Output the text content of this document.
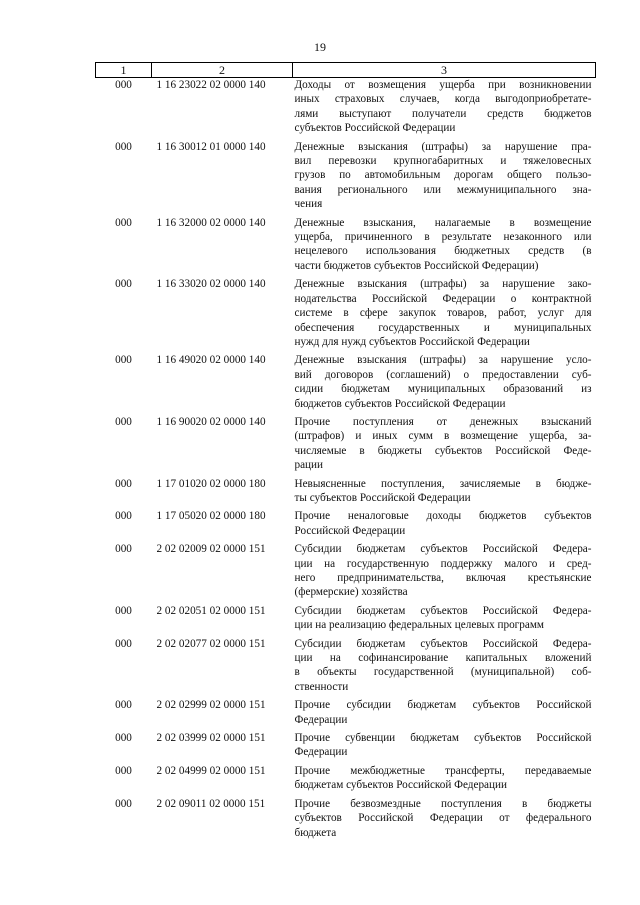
19
1	2	3
000	1 16 23022 02 0000 140	Доходы от возмещения ущерба при возникновении
иных страховых случаев, когда выгодоприобретате-
лями выступают получатели средств бюджетов
субъектов Российской Федерации

000	1 16 30012 01 0000 140	Денежные взыскания (штрафы) за нарушение пра-
вил перевозки крупногабаритных и тяжеловесных
грузов по автомобильным дорогам общего пользо-
вания регионального или межмуниципального зна-
чения

000	1 16 32000 02 0000 140	Денежные взыскания, налагаемые в возмещение
ущерба, причиненного в результате незаконного или
нецелевого использования бюджетных средств (в
части бюджетов субъектов Российской Федерации)

000	1 16 33020 02 0000 140	Денежные взыскания (штрафы) за нарушение зако-
нодательства Российской Федерации о контрактной
системе в сфере закупок товаров, работ, услуг для
обеспечения государственных и муниципальных
нужд для нужд субъектов Российской Федерации

000	1 16 49020 02 0000 140	Денежные взыскания (штрафы) за нарушение усло-
вий договоров (соглашений) о предоставлении суб-
сидии бюджетам муниципальных образований из
бюджетов субъектов Российской Федерации

000	1 16 90020 02 0000 140	Прочие поступления от денежных взысканий
(штрафов) и иных сумм в возмещение ущерба, за-
числяемые в бюджеты субъектов Российской Феде-
рации

000	1 17 01020 02 0000 180	Невыясненные поступления, зачисляемые в бюдже-
ты субъектов Российской Федерации

000	1 17 05020 02 0000 180	Прочие неналоговые доходы бюджетов субъектов
Российской Федерации

000	2 02 02009 02 0000 151	Субсидии бюджетам субъектов Российской Федера-
ции на государственную поддержку малого и сред-
него предпринимательства, включая крестьянские
(фермерские) хозяйства

000	2 02 02051 02 0000 151	Субсидии бюджетам субъектов Российской Федера-
ции на реализацию федеральных целевых программ

000	2 02 02077 02 0000 151	Субсидии бюджетам субъектов Российской Федера-
ции на софинансирование капитальных вложений
в объекты государственной (муниципальной) соб-
ственности

000	2 02 02999 02 0000 151	Прочие субсидии бюджетам субъектов Российской
Федерации

000	2 02 03999 02 0000 151	Прочие субвенции бюджетам субъектов Российской
Федерации

000	2 02 04999 02 0000 151	Прочие межбюджетные трансферты, передаваемые
бюджетам субъектов Российской Федерации

000	2 02 09011 02 0000 151	Прочие безвозмездные поступления в бюджеты
субъектов Российской Федерации от федерального
бюджета
